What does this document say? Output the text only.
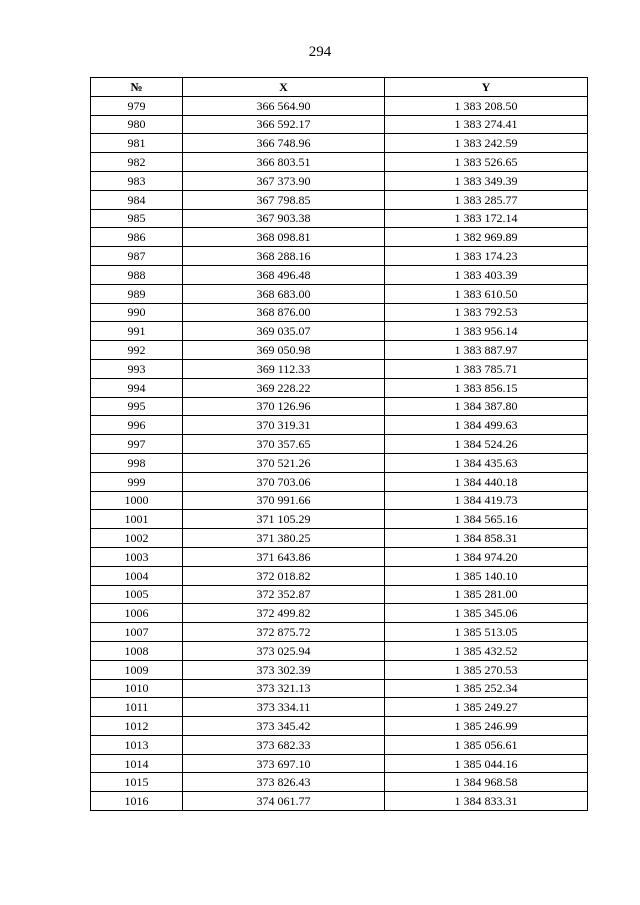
294
№	X	Y
979	366 564.90	1 383 208.50
980	366 592.17	1 383 274.41
981	366 748.96	1 383 242.59
982	366 803.51	1 383 526.65
983	367 373.90	1 383 349.39
984	367 798.85	1 383 285.77
985	367 903.38	1 383 172.14
986	368 098.81	1 382 969.89
987	368 288.16	1 383 174.23
988	368 496.48	1 383 403.39
989	368 683.00	1 383 610.50
990	368 876.00	1 383 792.53
991	369 035.07	1 383 956.14
992	369 050.98	1 383 887.97
993	369 112.33	1 383 785.71
994	369 228.22	1 383 856.15
995	370 126.96	1 384 387.80
996	370 319.31	1 384 499.63
997	370 357.65	1 384 524.26
998	370 521.26	1 384 435.63
999	370 703.06	1 384 440.18
1000	370 991.66	1 384 419.73
1001	371 105.29	1 384 565.16
1002	371 380.25	1 384 858.31
1003	371 643.86	1 384 974.20
1004	372 018.82	1 385 140.10
1005	372 352.87	1 385 281.00
1006	372 499.82	1 385 345.06
1007	372 875.72	1 385 513.05
1008	373 025.94	1 385 432.52
1009	373 302.39	1 385 270.53
1010	373 321.13	1 385 252.34
1011	373 334.11	1 385 249.27
1012	373 345.42	1 385 246.99
1013	373 682.33	1 385 056.61
1014	373 697.10	1 385 044.16
1015	373 826.43	1 384 968.58
1016	374 061.77	1 384 833.31
